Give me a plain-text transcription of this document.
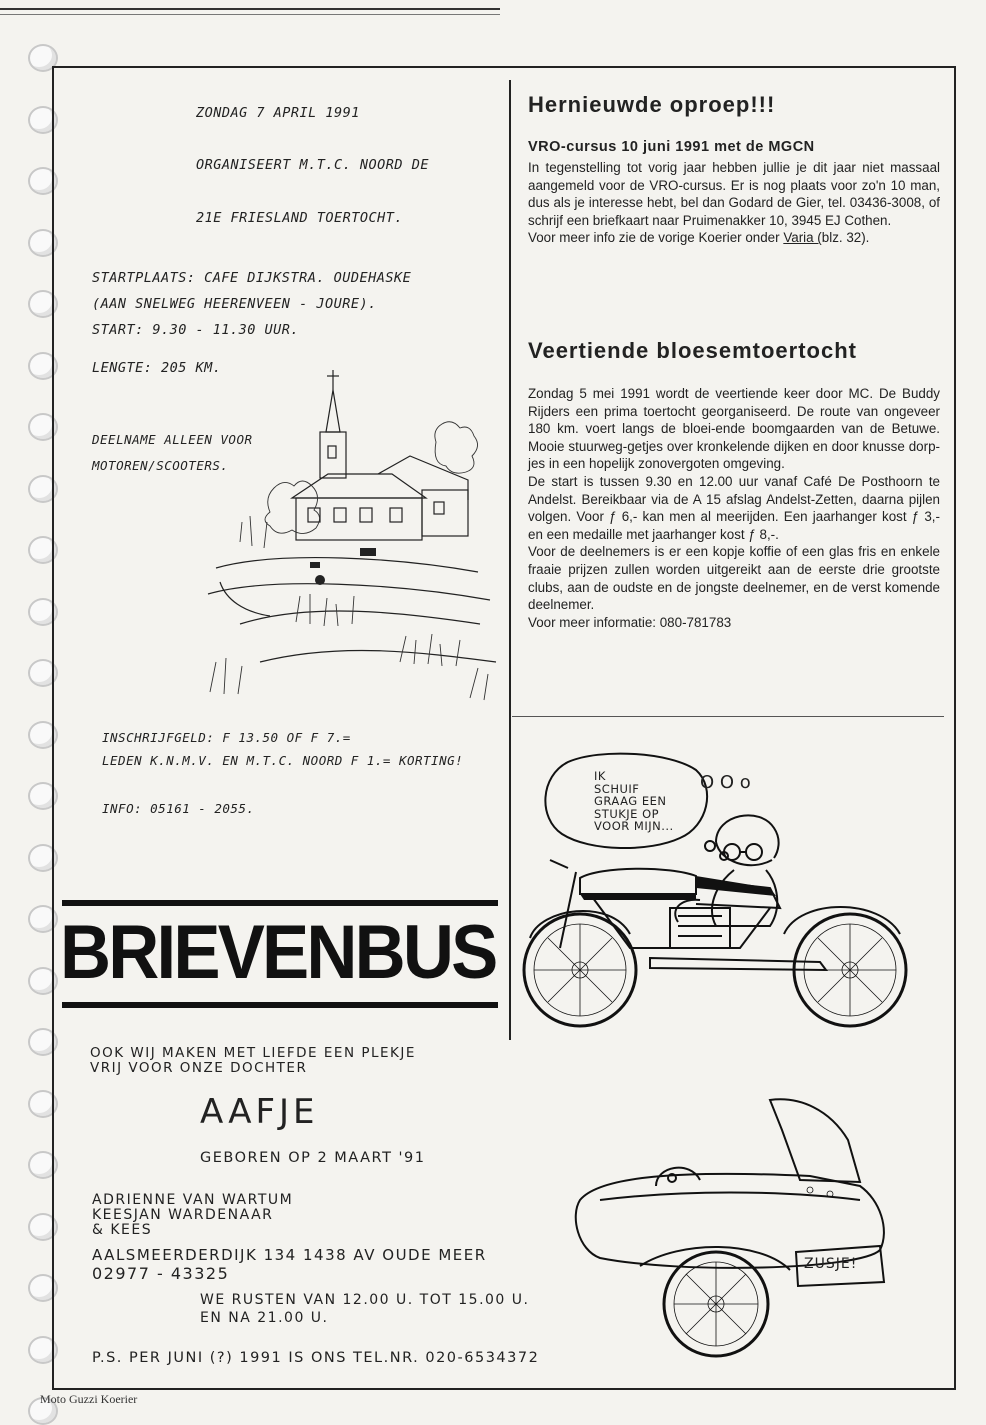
ZONDAG 7 APRIL 1991
ORGANISEERT M.T.C. NOORD DE
21E FRIESLAND TOERTOCHT.
STARTPLAATS: CAFE DIJKSTRA. OUDEHASKE
(AAN SNELWEG HEERENVEEN - JOURE).
START: 9.30 - 11.30 UUR.
LENGTE: 205 KM.
DEELNAME ALLEEN VOOR
MOTOREN/SCOOTERS.
INSCHRIJFGELD: F 13.50 OF F 7.=
LEDEN K.N.M.V. EN M.T.C. NOORD F 1.= KORTING!
INFO: 05161 - 2055.
Hernieuwde oproep!!!
VRO-cursus 10 juni 1991 met de MGCN

In tegenstelling tot vorig jaar hebben jullie je dit jaar niet massaal aangemeld voor de VRO-cursus. Er is nog plaats voor zo'n 10 man, dus als je interesse hebt, bel dan Godard de Gier, tel. 03436-3008, of schrijf een briefkaart naar Pruimenakker 10, 3945 EJ Cothen.

Voor meer info zie de vorige Koerier onder Varia (blz. 32).

Veertiende bloesemtoertocht

Zondag 5 mei 1991 wordt de veertiende keer door MC. De Buddy Rijders een prima toertocht georganiseerd. De route van ongeveer 180 km. voert langs de bloei-ende boomgaarden van de Betuwe. Mooie stuurweg-getjes over kronkelende dijken en door knusse dorp-jes in een hopelijk zonovergoten omgeving.

De start is tussen 9.30 en 12.00 uur vanaf Café De Posthoorn te Andelst. Bereikbaar via de A 15 afslag Andelst-Zetten, daarna pijlen volgen. Voor ƒ 6,- kan men al meerijden. Een jaarhanger kost ƒ 3,- en een medaille met jaarhanger kost ƒ 8,-.

Voor de deelnemers is er een kopje koffie of een glas fris en enkele fraaie prijzen zullen worden uitgereikt aan de eerste drie grootste clubs, aan de oudste en de jongste deelnemer, en de verst komende deelnemer.

Voor meer informatie: 080-781783

IK
SCHUIF
GRAAG EEN
STUKJE OP
VOOR MIJN...
O O o
BRIEVENBUS
OOK WIJ MAKEN MET LIEFDE EEN PLEKJE
VRIJ VOOR ONZE DOCHTER
AAFJE
GEBOREN OP 2 MAART '91
ADRIENNE VAN WARTUM
KEESJAN WARDENAAR
& KEES
AALSMEERDERDIJK 134 1438 AV OUDE MEER
02977 - 43325
WE RUSTEN VAN 12.00 U. TOT 15.00 U.
EN NA 21.00 U.
P.S. PER JUNI (?) 1991 IS ONS TEL.NR. 020-6534372
ZUSJE!
Moto Guzzi Koerier
